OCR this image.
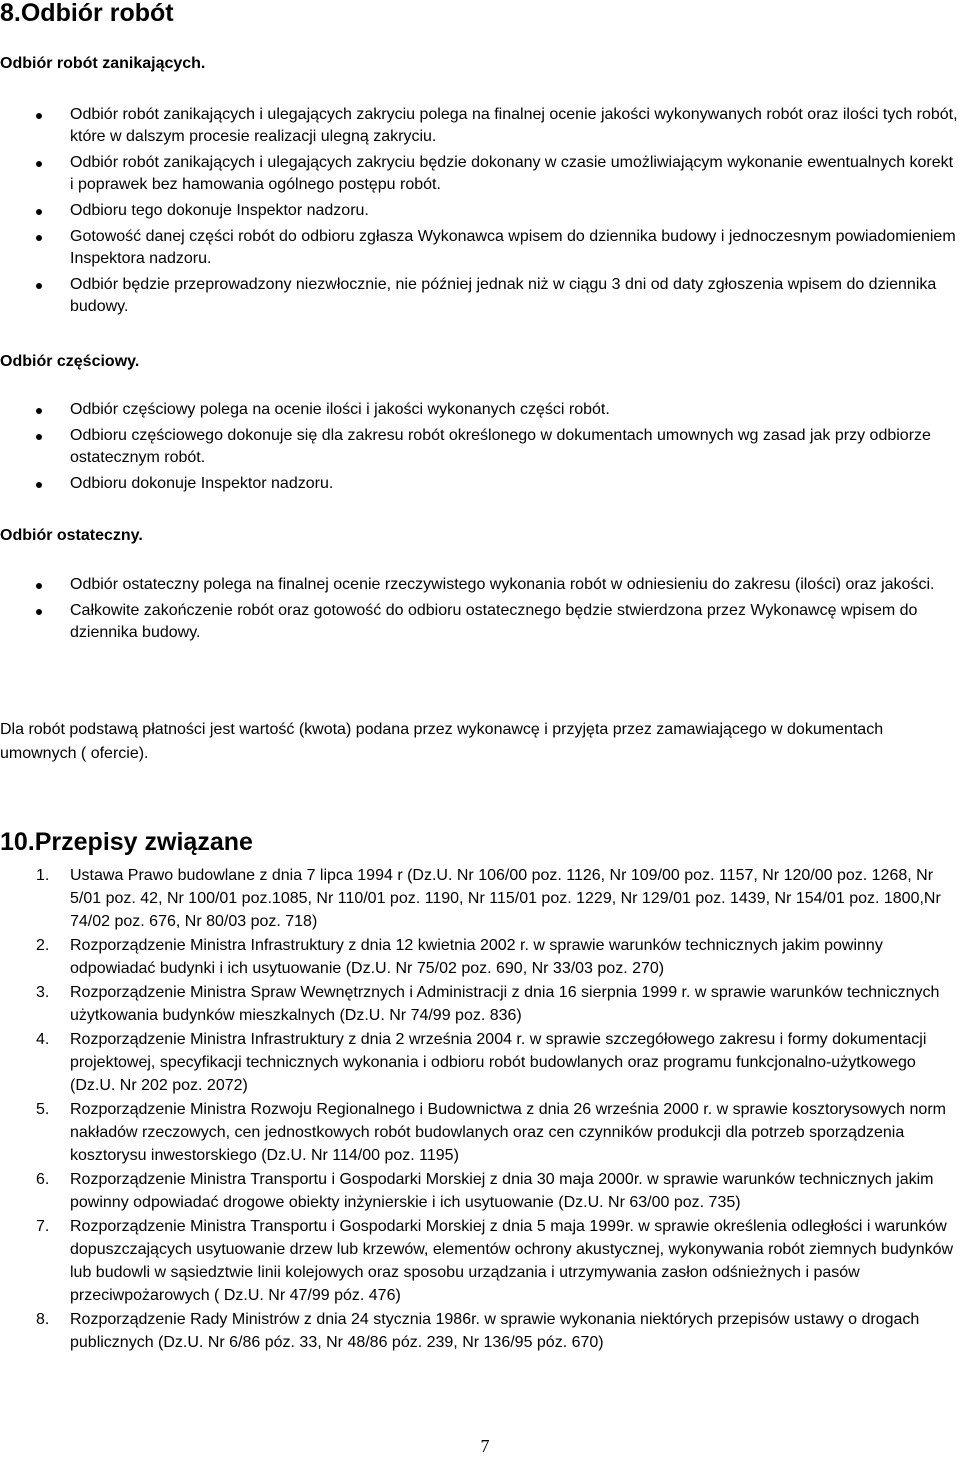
8.Odbiór robót
Odbiór robót zanikających.
Odbiór robót zanikających i ulegających zakryciu polega na finalnej ocenie jakości wykonywanych robót oraz ilości tych robót, które w dalszym procesie realizacji ulegną zakryciu.
Odbiór robót zanikających i ulegających zakryciu będzie dokonany w czasie umożliwiającym wykonanie ewentualnych korekt i poprawek bez hamowania ogólnego postępu robót.
Odbioru tego dokonuje Inspektor nadzoru.
Gotowość danej części robót do odbioru zgłasza Wykonawca wpisem do dziennika budowy i jednoczesnym powiadomieniem Inspektora nadzoru.
Odbiór będzie przeprowadzony niezwłocznie, nie później jednak niż w ciągu 3 dni od daty zgłoszenia wpisem do dziennika budowy.
Odbiór częściowy.
Odbiór częściowy polega na ocenie ilości i jakości wykonanych części robót.
Odbioru częściowego dokonuje się dla zakresu robót określonego w dokumentach umownych wg zasad jak przy odbiorze ostatecznym robót.
Odbioru dokonuje Inspektor nadzoru.
Odbiór ostateczny.
Odbiór ostateczny polega na finalnej ocenie rzeczywistego wykonania robót w odniesieniu do zakresu (ilości) oraz jakości.
Całkowite zakończenie robót oraz gotowość do odbioru ostatecznego będzie stwierdzona przez Wykonawcę wpisem do dziennika budowy.

Dla robót podstawą płatności jest wartość (kwota) podana przez wykonawcę i przyjęta przez zamawiającego w dokumentach umownych ( ofercie).

10.Przepisy związane
1. Ustawa Prawo budowlane z dnia 7 lipca 1994 r (Dz.U. Nr 106/00 poz. 1126, Nr 109/00 poz. 1157, Nr 120/00 poz. 1268, Nr 5/01 poz. 42, Nr 100/01 poz.1085, Nr 110/01 poz. 1190, Nr 115/01 poz. 1229, Nr 129/01 poz. 1439, Nr 154/01 poz. 1800,Nr 74/02 poz. 676, Nr 80/03 poz. 718)
2. Rozporządzenie Ministra Infrastruktury z dnia 12 kwietnia 2002 r. w sprawie warunków technicznych jakim powinny odpowiadać budynki i ich usytuowanie (Dz.U. Nr 75/02 poz. 690, Nr 33/03 poz. 270)
3. Rozporządzenie Ministra Spraw Wewnętrznych i Administracji z dnia 16 sierpnia 1999 r. w sprawie warunków technicznych użytkowania budynków mieszkalnych (Dz.U. Nr 74/99 poz. 836)
4. Rozporządzenie Ministra Infrastruktury z dnia 2 września 2004 r. w sprawie szczegółowego zakresu i formy dokumentacji projektowej, specyfikacji technicznych wykonania i odbioru robót budowlanych oraz programu funkcjonalno-użytkowego (Dz.U. Nr 202 poz. 2072)
5. Rozporządzenie Ministra Rozwoju Regionalnego i Budownictwa z dnia 26 września 2000 r. w sprawie kosztorysowych norm nakładów rzeczowych, cen jednostkowych robót budowlanych oraz cen czynników produkcji dla potrzeb sporządzenia kosztorysu inwestorskiego (Dz.U. Nr 114/00 poz. 1195)
6. Rozporządzenie Ministra Transportu i Gospodarki Morskiej z dnia 30 maja 2000r. w sprawie warunków technicznych jakim powinny odpowiadać drogowe obiekty inżynierskie i ich usytuowanie (Dz.U. Nr 63/00 poz. 735)
7. Rozporządzenie Ministra Transportu i Gospodarki Morskiej z dnia 5 maja 1999r. w sprawie określenia odległości i warunków dopuszczających usytuowanie drzew lub krzewów, elementów ochrony akustycznej, wykonywania robót ziemnych budynków lub budowli w sąsiedztwie linii kolejowych oraz sposobu urządzania i utrzymywania zasłon odśnieżnych i pasów przeciwpożarowych ( Dz.U. Nr 47/99 póz. 476)
8. Rozporządzenie Rady Ministrów z dnia 24 stycznia 1986r. w sprawie wykonania niektórych przepisów ustawy o drogach publicznych (Dz.U. Nr 6/86 póz. 33, Nr 48/86 póz. 239, Nr 136/95 póz. 670)
7
